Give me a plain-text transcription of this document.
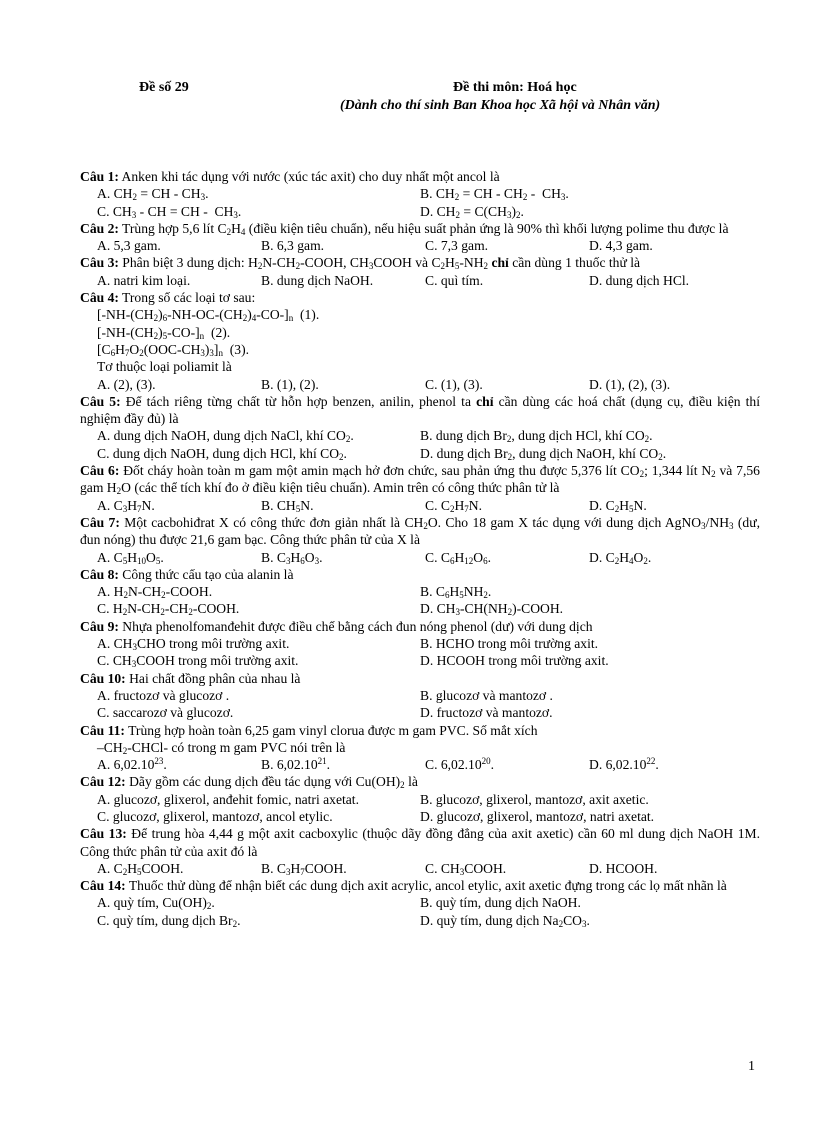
Đề số 29	Đề thi môn: Hoá học
(Dành cho thí sinh Ban Khoa học Xã hội và Nhân văn)
Câu 1: Anken khi tác dụng với nước (xúc tác axit) cho duy nhất một ancol là
A. $CH_2$ = CH - $CH_3$.	B. $CH_2$ = CH - $CH_2 - CH_3$.
C. $CH_3$ - CH = CH -  $CH_3$.	D. $CH_2 = C(CH_3)_2$.
Câu 2: Trùng hợp 5,6 lít $C_2H_4$ (điều kiện tiêu chuẩn), nếu hiệu suất phản ứng là 90% thì khối lượng polime thu được là
A. 5,3 gam.	B. 6,3 gam.	C. 7,3 gam.	D. 4,3 gam.
Câu 3: Phân biệt 3 dung dịch: $H_2N-CH_2$-COOH, $CH_3COOH$ và $C_2H_5-NH_2$ chỉ cần dùng 1 thuốc thử là
A. natri kim loại.	B. dung dịch NaOH.	C. quì tím.	D. dung dịch HCl.
Câu 4: Trong số các loại tơ sau:
$[-NH-(CH_2)_6-NH-OC-(CH_2)_4-CO-]_n$  (1).
$[-NH-(CH_2)_5-CO-]_n$  (2).
$[C_6H_7O_2(OOC-CH_3)_3]_n$  (3).
Tơ thuộc loại poliamit là
A. (2), (3).	B. (1), (2).	C. (1), (3).	D. (1), (2), (3).
Câu 5: Để tách riêng từng chất từ hỗn hợp benzen, anilin, phenol ta chỉ cần dùng các hoá chất (dụng cụ, điều kiện thí nghiệm đầy đủ) là
A. dung dịch NaOH, dung dịch NaCl, khí $CO_2$.	B. dung dịch $Br_2$, dung dịch HCl, khí $CO_2$.
C. dung dịch NaOH, dung dịch HCl, khí $CO_2$.	D. dung dịch $Br_2$, dung dịch NaOH, khí $CO_2$.
Câu 6: Đốt cháy hoàn toàn m gam một amin mạch hở đơn chức, sau phản ứng thu được 5,376 lít $CO_2$; 1,344 lít $N_2$ và 7,56 gam $H_2O$ (các thể tích khí đo ở điều kiện tiêu chuẩn). Amin trên có công thức phân tử là
A. $C_3H_7N$.	B. $CH_5N$.	C. $C_2H_7N$.	D. $C_2H_5N$.
Câu 7: Một cacbohiđrat X có công thức đơn giản nhất là $CH_2O$. Cho 18 gam X tác dụng với dung dịch $AgNO_3/NH_3$ (dư, đun nóng) thu được 21,6 gam bạc. Công thức phân tử của X là
A. $C_5H_{10}O_5$.	B. $C_3H_6O_3$.	C. $C_6H_{12}O_6$.	D. $C_2H_4O_2$.
Câu 8: Công thức cấu tạo của alanin là
A. $H_2N-CH_2$-COOH.	B. $C_6H_5NH_2$.
C. $H_2N-CH_2-CH_2$-COOH.	D. $CH_3-CH(NH_2)$-COOH.
Câu 9: Nhựa phenolfomanđehit được điều chế bằng cách đun nóng phenol (dư) với dung dịch
A. $CH_3CHO$ trong môi trường axit.	B. HCHO trong môi trường axit.
C. $CH_3COOH$ trong môi trường axit.	D. HCOOH trong môi trường axit.
Câu 10: Hai chất đồng phân của nhau là
A. fructozơ và glucozơ .	B. glucozơ và mantozơ .
C. saccarozơ và glucozơ.	D. fructozơ và mantozơ.
Câu 11: Trùng hợp hoàn toàn 6,25 gam vinyl clorua được m gam PVC. Số mắt xích
$-CH_2-CHCl-$ có trong m gam PVC nói trên là
A. 6,02.10$^{23}$.	B. 6,02.10$^{21}$.	C. 6,02.10$^{20}$.	D. 6,02.10$^{22}$.
Câu 12: Dãy gồm các dung dịch đều tác dụng với $Cu(OH)_2$ là
A. glucozơ, glixerol, anđehit fomic, natri axetat.	B. glucozơ, glixerol, mantozơ, axit axetic.
C. glucozơ, glixerol, mantozơ, ancol etylic.	D. glucozơ, glixerol, mantozơ, natri axetat.
Câu 13: Để trung hòa 4,44 g một axit cacboxylic (thuộc dãy đồng đẳng của axit axetic) cần 60 ml dung dịch NaOH 1M. Công thức phân tử của axit đó là
A. $C_2H_5COOH$.	B. $C_3H_7COOH$.	C. $CH_3COOH$.	D. HCOOH.
Câu 14: Thuốc thử dùng để nhận biết các dung dịch axit acrylic, ancol etylic, axit axetic đựng trong các lọ mất nhãn là
A. quỳ tím, $Cu(OH)_2$.	B. quỳ tím, dung dịch NaOH.
C. quỳ tím, dung dịch $Br_2$.	D. quỳ tím, dung dịch $Na_2CO_3$.
1
